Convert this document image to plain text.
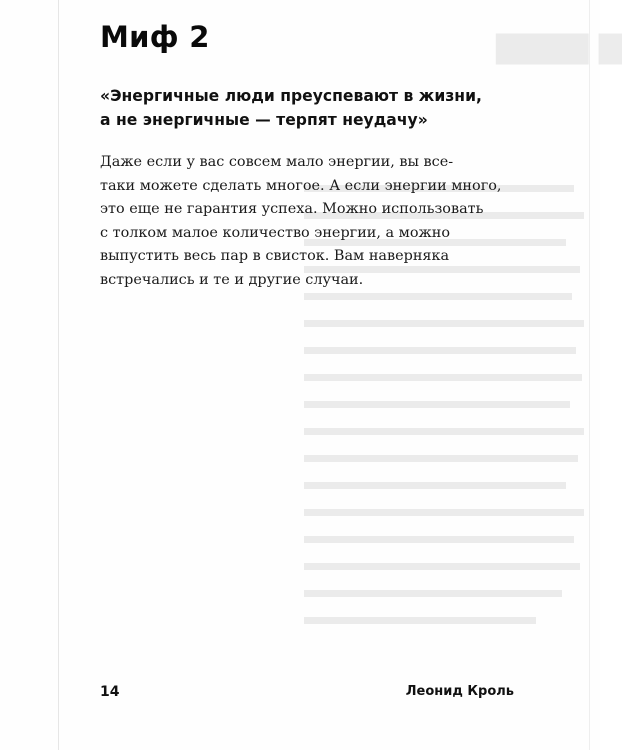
▇▇▇▇ ▇
Миф 2

«Энергичные люди преуспевают в жизни,
а не энергичные — терпят неудачу»

Даже если у вас совсем мало энергии, вы все-
таки можете сделать многое. А если энергии много,
это еще не гарантия успеха. Можно использовать
с толком малое количество энергии, а можно
выпустить весь пар в свисток. Вам наверняка
встречались и те и другие случаи.

14	Леонид Кроль
